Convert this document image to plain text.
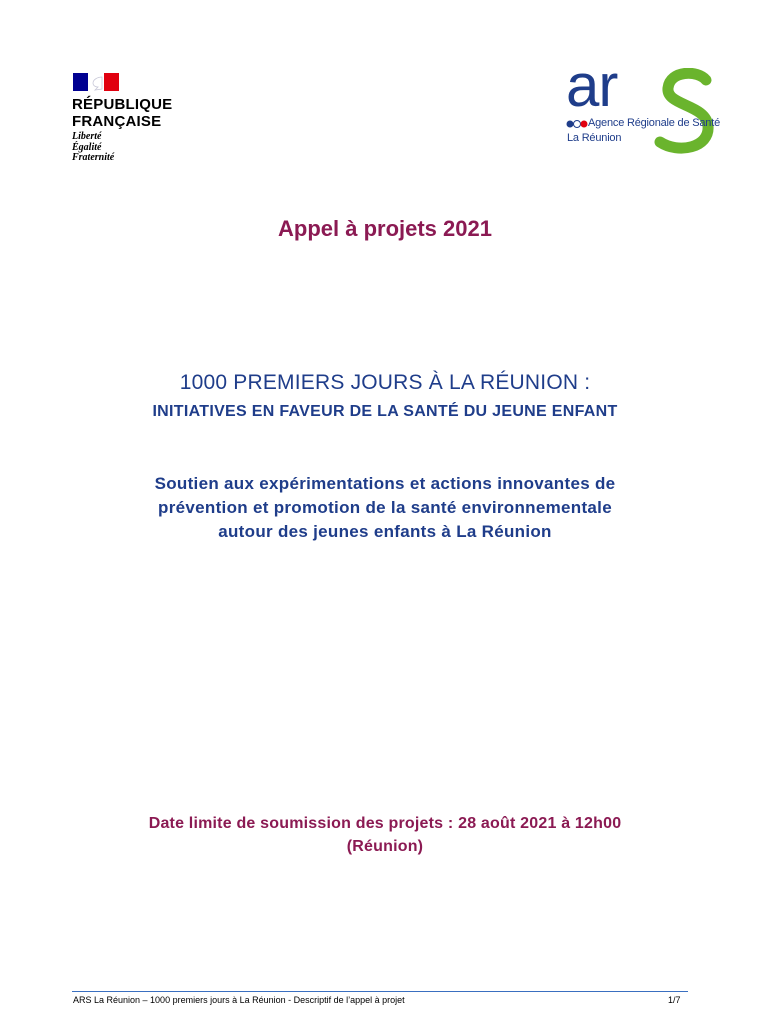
RÉPUBLIQUE
FRANÇAISE
Liberté
Égalité
Fraternité
ar
Agence Régionale de Santé
La Réunion
Appel à projets 2021
1000 PREMIERS JOURS À LA RÉUNION :
INITIATIVES EN FAVEUR DE LA SANTÉ DU JEUNE ENFANT
Soutien aux expérimentations et actions innovantes de
prévention et promotion de la santé environnementale
autour des jeunes enfants à La Réunion
Date limite de soumission des projets : 28 août 2021 à 12h00
(Réunion)
ARS La Réunion – 1000 premiers jours à La Réunion - Descriptif de l’appel à projet	1/7
